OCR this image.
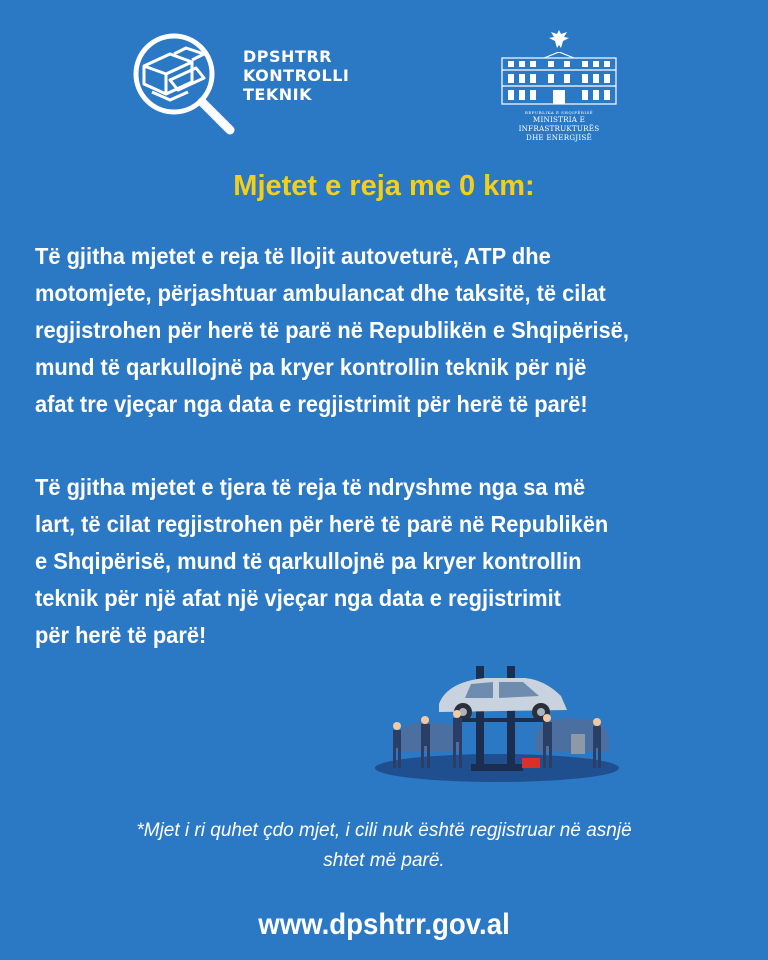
DPSHTRR
KONTROLLI
TEKNIK
REPUBLIKA E SHQIPËRISË
MINISTRIA E INFRASTRUKTURËS
DHE ENERGJISË
Mjetet e reja me 0 km:
Të gjitha mjetet e reja të llojit autoveturë, ATP dhe
motomjete, përjashtuar ambulancat dhe taksitë, të cilat
regjistrohen për herë të parë në Republikën e Shqipërisë,
mund të qarkullojnë pa kryer kontrollin teknik për një
afat tre vjeçar nga data e regjistrimit për herë të parë!
Të gjitha mjetet e tjera të reja të ndryshme nga sa më
lart, të cilat regjistrohen për herë të parë në Republikën
e Shqipërisë, mund të qarkullojnë pa kryer kontrollin
teknik për një afat një vjeçar nga data e regjistrimit
për herë të parë!
*Mjet i ri quhet çdo mjet, i cili nuk është regjistruar në asnjë
shtet më parë.
www.dpshtrr.gov.al
